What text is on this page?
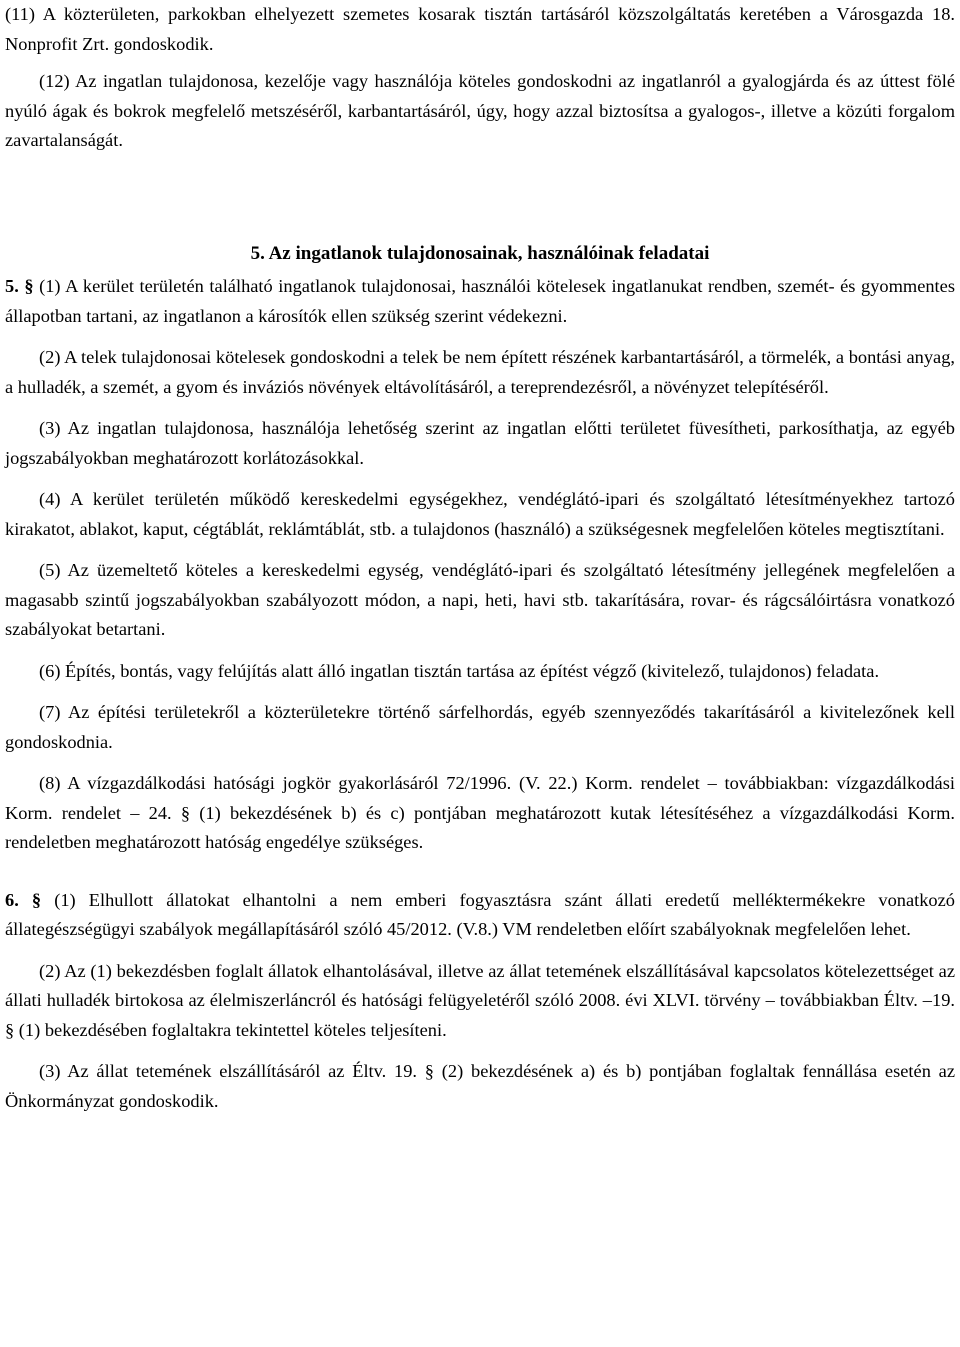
(11) A közterületen, parkokban elhelyezett szemetes kosarak tisztán tartásáról közszolgáltatás keretében a Városgazda 18. Nonprofit Zrt. gondoskodik.

(12) Az ingatlan tulajdonosa, kezelője vagy használója köteles gondoskodni az ingatlanról a gyalogjárda és az úttest fölé nyúló ágak és bokrok megfelelő metszéséről, karbantartásáról, úgy, hogy azzal biztosítsa a gyalogos-, illetve a közúti forgalom zavartalanságát.

5. Az ingatlanok tulajdonosainak, használóinak feladatai

5. § (1) A kerület területén található ingatlanok tulajdonosai, használói kötelesek ingatlanukat rendben, szemét- és gyommentes állapotban tartani, az ingatlanon a károsítók ellen szükség szerint védekezni.

(2) A telek tulajdonosai kötelesek gondoskodni a telek be nem épített részének karbantartásáról, a törmelék, a bontási anyag, a hulladék, a szemét, a gyom és inváziós növények eltávolításáról, a tereprendezésről, a növényzet telepítéséről.

(3) Az ingatlan tulajdonosa, használója lehetőség szerint az ingatlan előtti területet füvesítheti, parkosíthatja, az egyéb jogszabályokban meghatározott korlátozásokkal.

(4) A kerület területén működő kereskedelmi egységekhez, vendéglátó-ipari és szolgáltató létesítményekhez tartozó kirakatot, ablakot, kaput, cégtáblát, reklámtáblát, stb. a tulajdonos (használó) a szükségesnek megfelelően köteles megtisztítani.

(5) Az üzemeltető köteles a kereskedelmi egység, vendéglátó-ipari és szolgáltató létesítmény jellegének megfelelően a magasabb szintű jogszabályokban szabályozott módon, a napi, heti, havi stb. takarítására, rovar- és rágcsálóirtásra vonatkozó szabályokat betartani.

(6) Építés, bontás, vagy felújítás alatt álló ingatlan tisztán tartása az építést végző (kivitelező, tulajdonos) feladata.

(7) Az építési területekről a közterületekre történő sárfelhordás, egyéb szennyeződés takarításáról a kivitelezőnek kell gondoskodnia.

(8) A vízgazdálkodási hatósági jogkör gyakorlásáról 72/1996. (V. 22.) Korm. rendelet – továbbiakban: vízgazdálkodási Korm. rendelet – 24. § (1) bekezdésének b) és c) pontjában meghatározott kutak létesítéséhez a vízgazdálkodási Korm. rendeletben meghatározott hatóság engedélye szükséges.

6. § (1) Elhullott állatokat elhantolni a nem emberi fogyasztásra szánt állati eredetű melléktermékekre vonatkozó állategészségügyi szabályok megállapításáról szóló 45/2012. (V.8.) VM rendeletben előírt szabályoknak megfelelően lehet.

(2) Az (1) bekezdésben foglalt állatok elhantolásával, illetve az állat tetemének elszállításával kapcsolatos kötelezettséget az állati hulladék birtokosa az élelmiszerláncról és hatósági felügyeletéről szóló 2008. évi XLVI. törvény – továbbiakban Éltv. –19. § (1) bekezdésében foglaltakra tekintettel köteles teljesíteni.

(3) Az állat tetemének elszállításáról az Éltv. 19. § (2) bekezdésének a) és b) pontjában foglaltak fennállása esetén az Önkormányzat gondoskodik.
